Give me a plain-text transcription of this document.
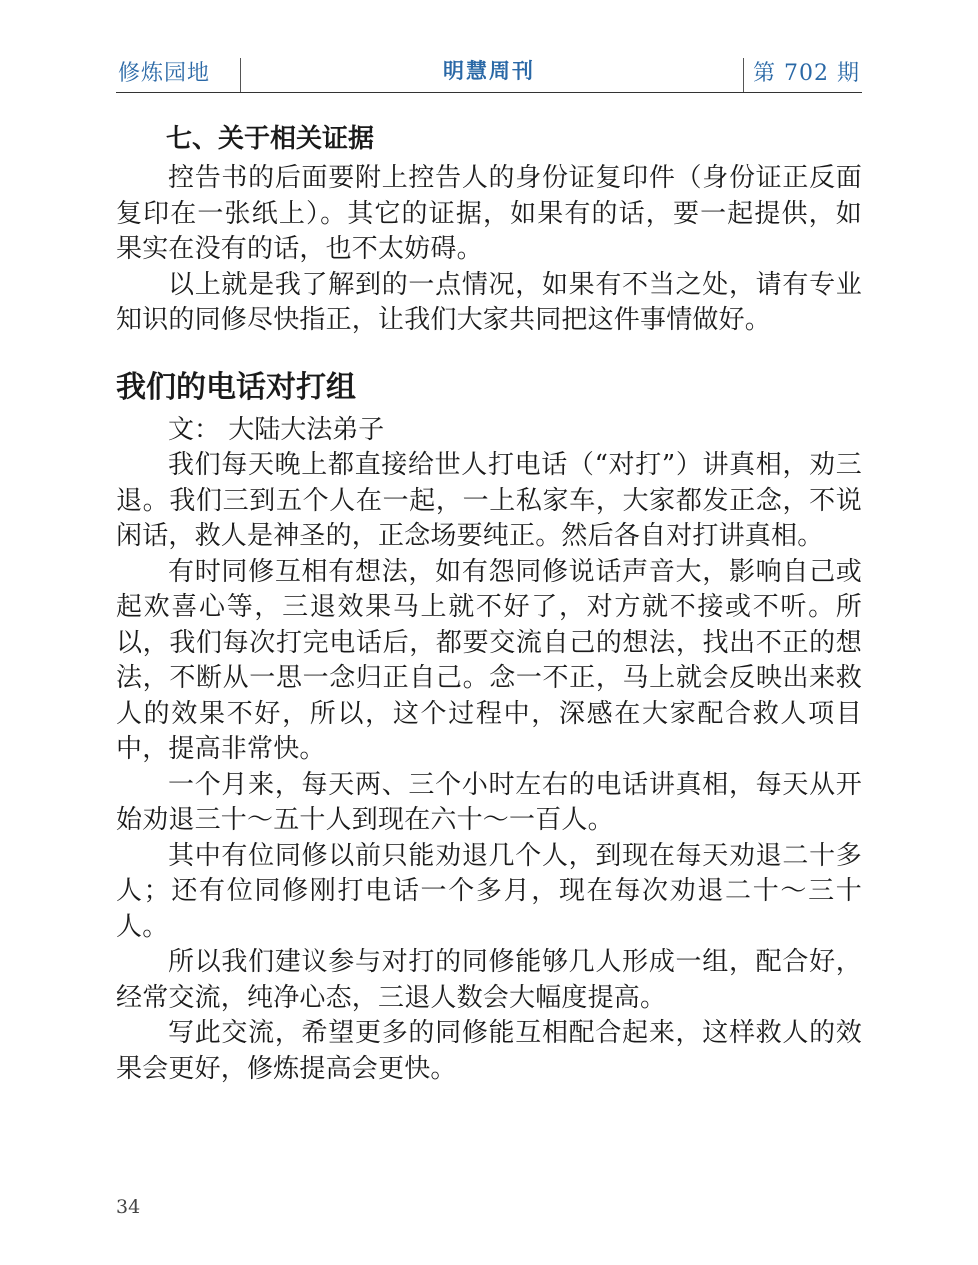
修炼园地	明慧周刊	第 702 期
七、关于相关证据

控告书的后面要附上控告人的身份证复印件（身份证正反面复印在一张纸上）。其它的证据，如果有的话，要一起提供，如果实在没有的话，也不太妨碍。

以上就是我了解到的一点情况，如果有不当之处，请有专业知识的同修尽快指正，让我们大家共同把这件事情做好。

我们的电话对打组
文： 大陆大法弟子

我们每天晚上都直接给世人打电话（“对打”）讲真相，劝三退。我们三到五个人在一起，一上私家车，大家都发正念，不说闲话，救人是神圣的，正念场要纯正。然后各自对打讲真相。

有时同修互相有想法，如有怨同修说话声音大，影响自己或起欢喜心等，三退效果马上就不好了，对方就不接或不听。所以，我们每次打完电话后，都要交流自己的想法，找出不正的想法，不断从一思一念归正自己。念一不正，马上就会反映出来救人的效果不好，所以，这个过程中，深感在大家配合救人项目中，提高非常快。

一个月来，每天两、三个小时左右的电话讲真相，每天从开始劝退三十～五十人到现在六十～一百人。

其中有位同修以前只能劝退几个人，到现在每天劝退二十多人；还有位同修刚打电话一个多月，现在每次劝退二十～三十人。

所以我们建议参与对打的同修能够几人形成一组，配合好，经常交流，纯净心态，三退人数会大幅度提高。

写此交流，希望更多的同修能互相配合起来，这样救人的效果会更好，修炼提高会更快。

34
